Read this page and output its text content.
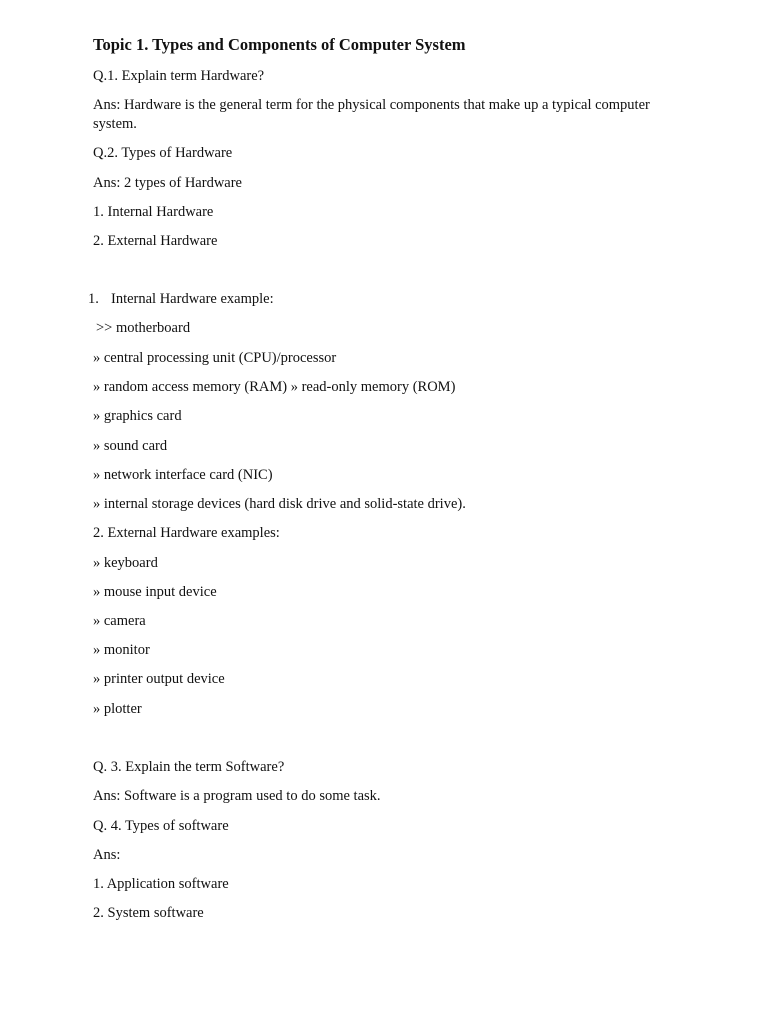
Topic 1. Types and Components of Computer System
Q.1. Explain term Hardware?
Ans: Hardware is the general term for the physical components that make up a typical computer system.
Q.2. Types of Hardware
Ans: 2 types of Hardware
1. Internal Hardware
2. External Hardware
1. Internal Hardware example:
>> motherboard
» central processing unit (CPU)/processor
» random access memory (RAM) » read-only memory (ROM)
» graphics card
» sound card
» network interface card (NIC)
» internal storage devices (hard disk drive and solid-state drive).
2. External Hardware examples:
» keyboard
» mouse input device
» camera
» monitor
» printer output device
» plotter
Q. 3. Explain the term Software?
Ans: Software is a program used to do some task.
Q. 4. Types of software
Ans:
1. Application software
2. System software
